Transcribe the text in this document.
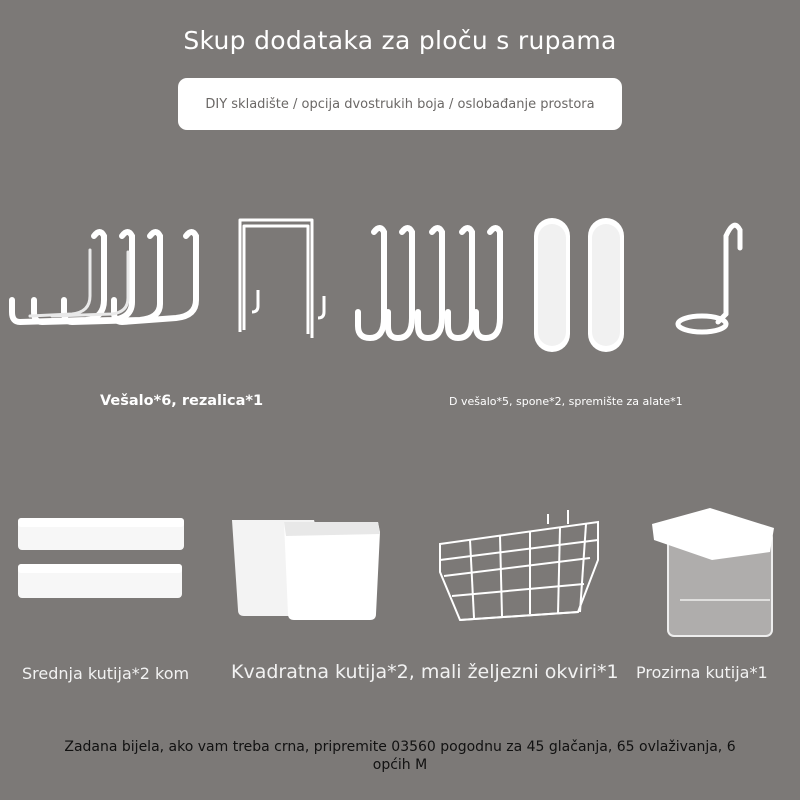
Skup dodataka za ploču s rupama
DIY skladište / opcija dvostrukih boja / oslobađanje prostora
Vešalo*6, rezalica*1	D vešalo*5, spone*2, spremište za alate*1
Srednja kutija*2 kom Kvadratna kutija*2, mali željezni okviri*1 Prozirna kutija*1
Zadana bijela, ako vam treba crna, pripremite 03560 pogodnu za 45 glačanja, 65 ovlaživanja, 6 općih M
